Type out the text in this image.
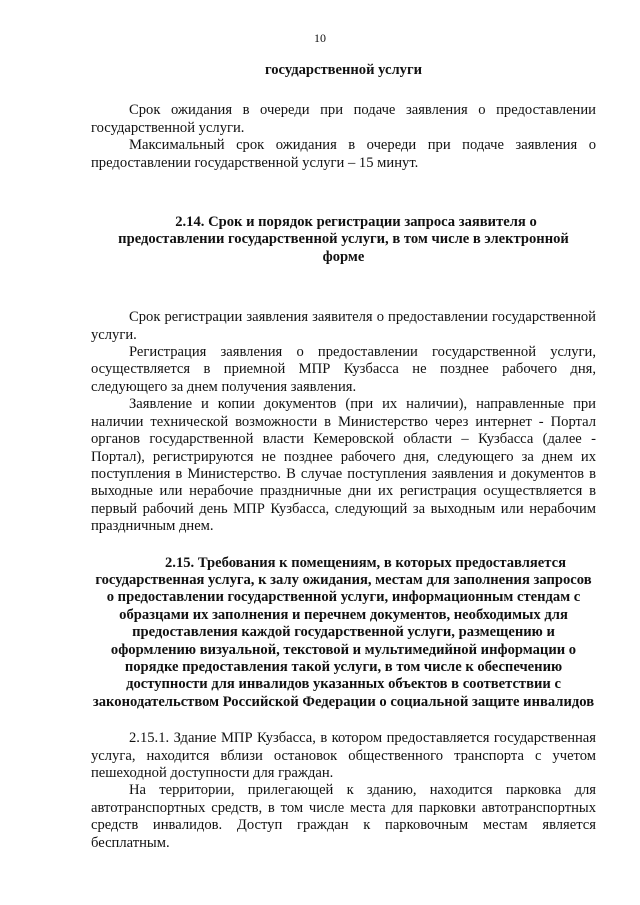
10

государственной услуги

Срок ожидания в очереди при подаче заявления о предоставлении государственной услуги.

Максимальный срок ожидания в очереди при подаче заявления о предоставлении государственной услуги – 15 минут.

2.14. Срок и порядок регистрации запроса заявителя о предоставлении государственной услуги, в том числе в электронной форме

Срок регистрации заявления заявителя о предоставлении государственной услуги.

Регистрация заявления о предоставлении государственной услуги, осуществляется в приемной МПР Кузбасса не позднее рабочего дня, следующего за днем получения заявления.

Заявление и копии документов (при их наличии), направленные при наличии технической возможности в Министерство через интернет - Портал органов государственной власти Кемеровской области – Кузбасса (далее - Портал), регистрируются не позднее рабочего дня, следующего за днем их поступления в Министерство. В случае поступления заявления и документов в выходные или нерабочие праздничные дни их регистрация осуществляется в первый рабочий день МПР Кузбасса, следующий за выходным или нерабочим праздничным днем.

2.15. Требования к помещениям, в которых предоставляется государственная услуга, к залу ожидания, местам для заполнения запросов о предоставлении государственной услуги, информационным стендам с образцами их заполнения и перечнем документов, необходимых для предоставления каждой государственной услуги, размещению и оформлению визуальной, текстовой и мультимедийной информации о порядке предоставления такой услуги, в том числе к обеспечению доступности для инвалидов указанных объектов в соответствии с законодательством Российской Федерации о социальной защите инвалидов

2.15.1. Здание МПР Кузбасса, в котором предоставляется государственная услуга, находится вблизи остановок общественного транспорта с учетом пешеходной доступности для граждан.

На территории, прилегающей к зданию, находится парковка для автотранспортных средств, в том числе места для парковки автотранспортных средств инвалидов. Доступ граждан к парковочным местам является бесплатным.
